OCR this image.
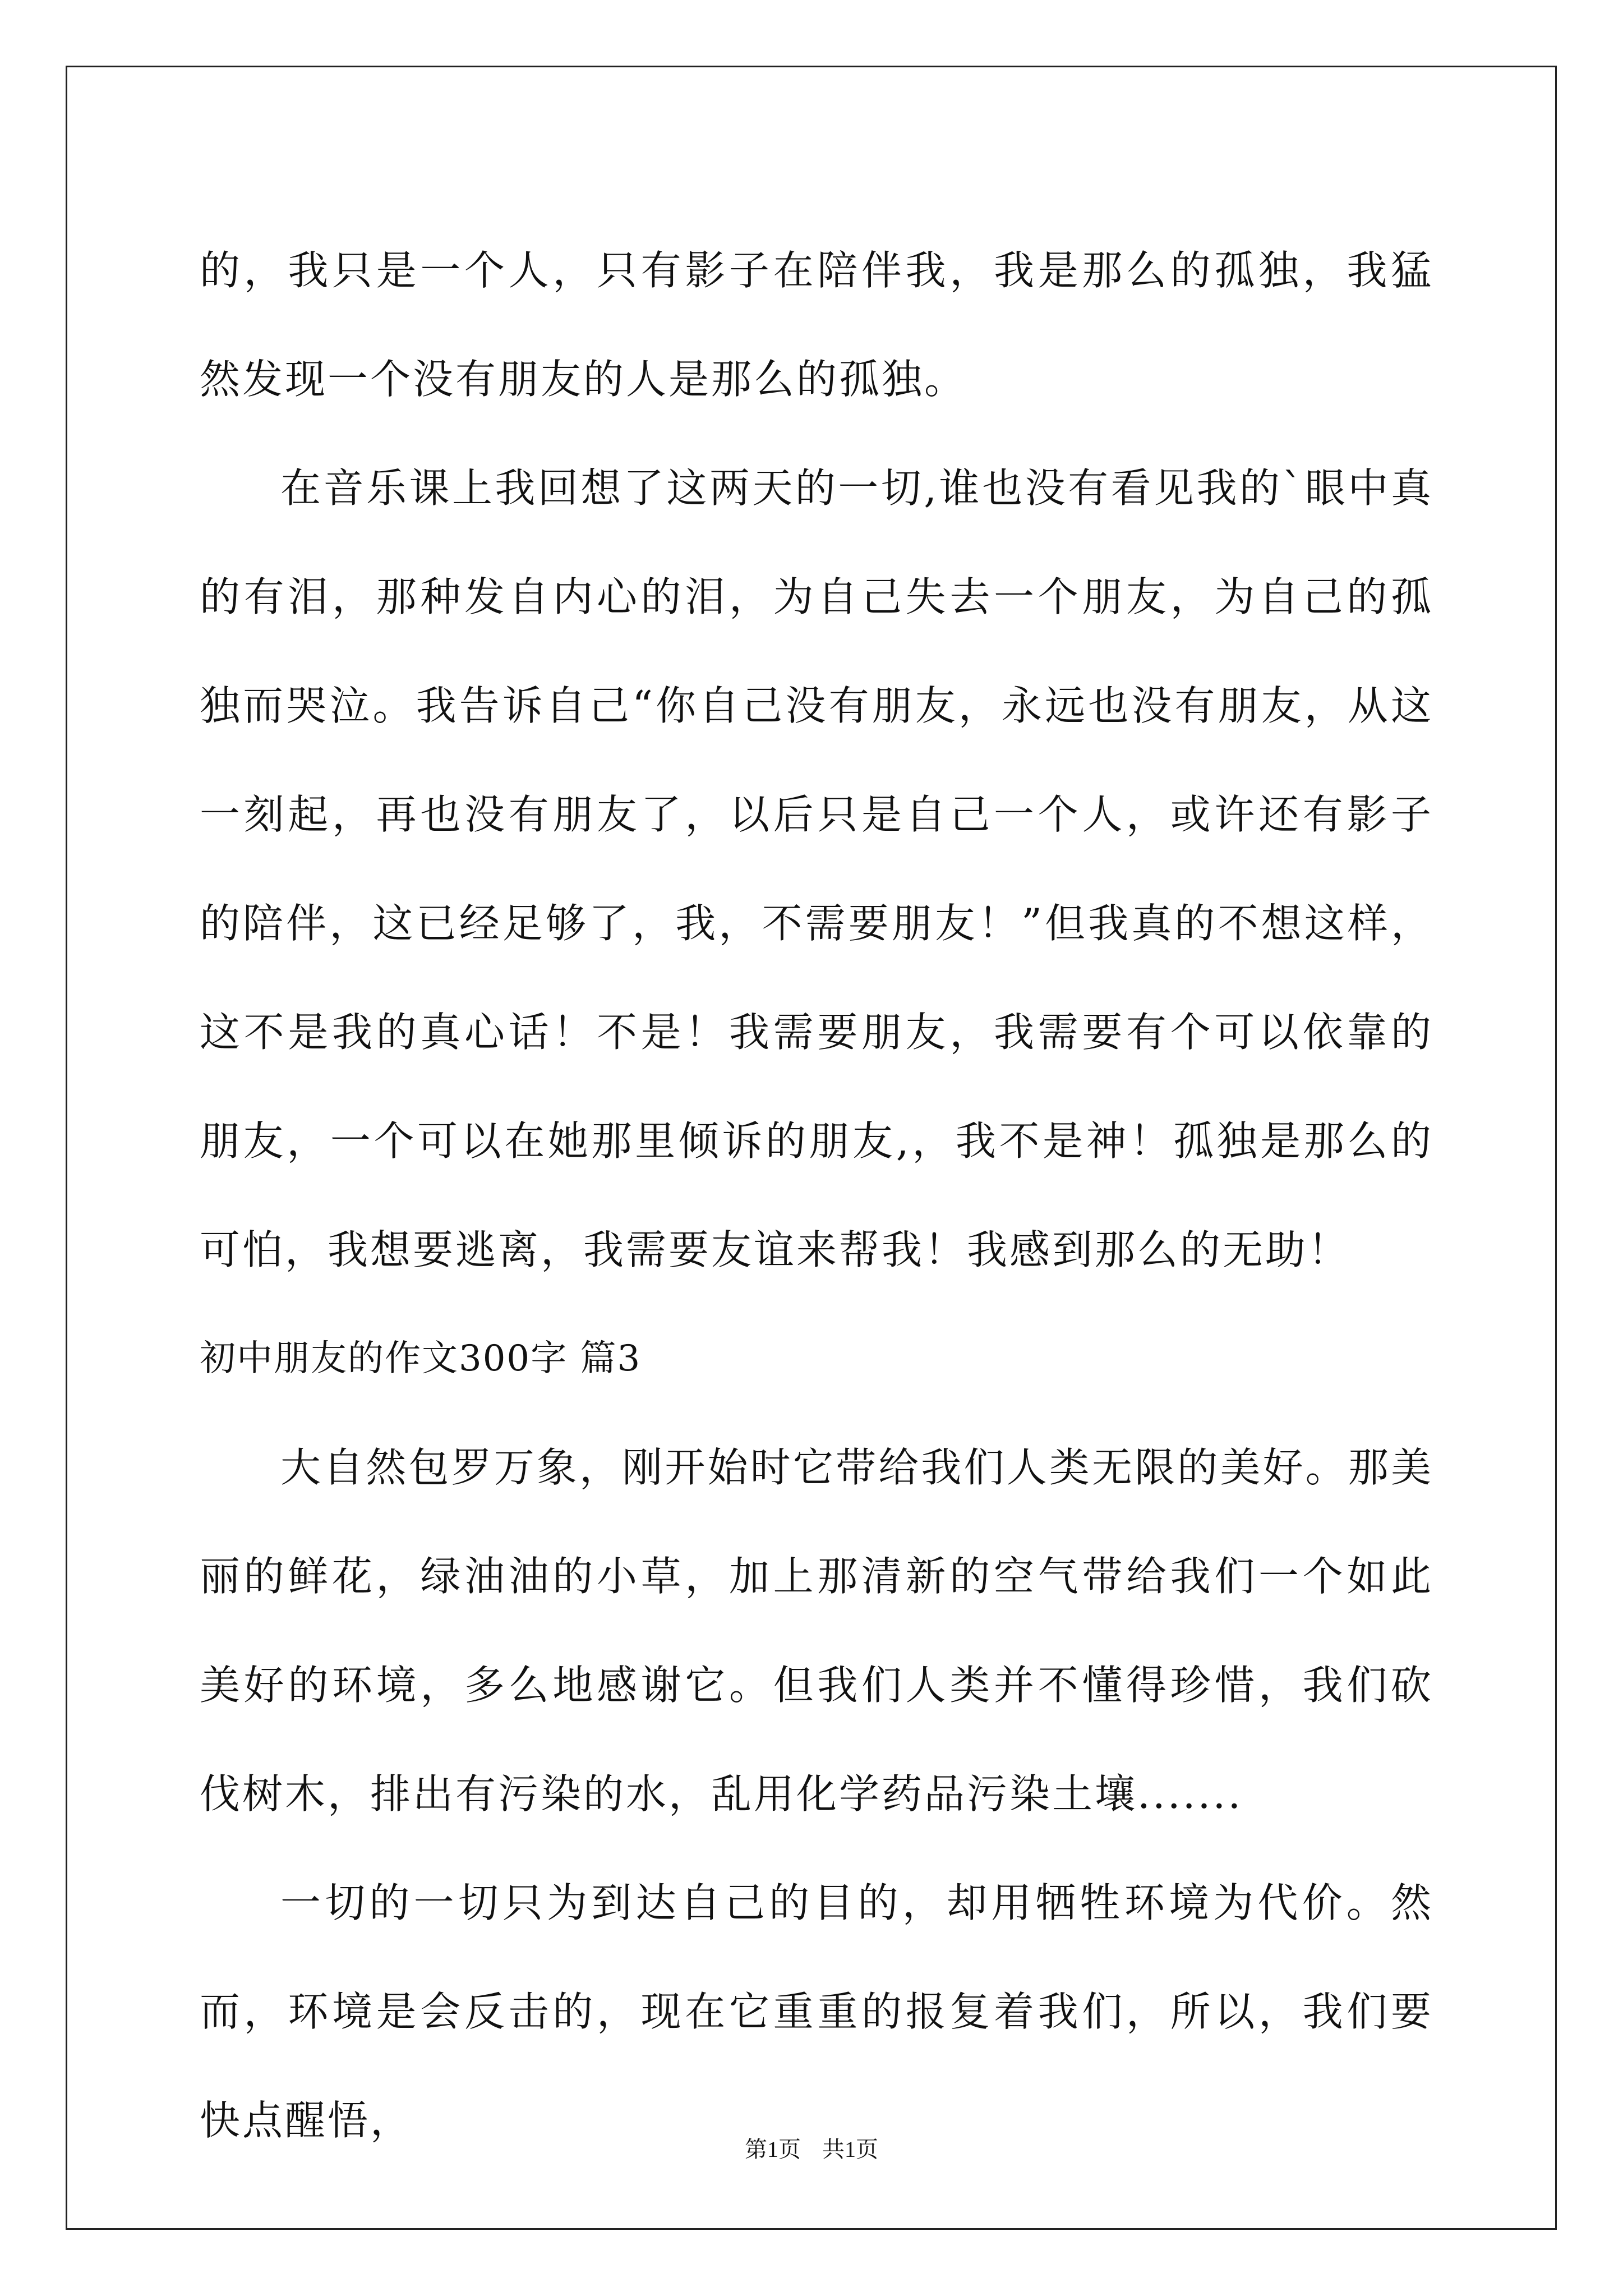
的，我只是一个人，只有影子在陪伴我，我是那么的孤独，我猛然发现一个没有朋友的人是那么的孤独。

在音乐课上我回想了这两天的一切,谁也没有看见我的`眼中真的有泪，那种发自内心的泪，为自己失去一个朋友，为自己的孤独而哭泣。我告诉自己“你自己没有朋友，永远也没有朋友，从这一刻起，再也没有朋友了，以后只是自己一个人，或许还有影子的陪伴，这已经足够了，我，不需要朋友！”但我真的不想这样，这不是我的真心话！不是！我需要朋友，我需要有个可以依靠的朋友，一个可以在她那里倾诉的朋友,，我不是神！孤独是那么的可怕，我想要逃离，我需要友谊来帮我！我感到那么的无助！

初中朋友的作文300字 篇3

大自然包罗万象，刚开始时它带给我们人类无限的美好。那美丽的鲜花，绿油油的小草，加上那清新的空气带给我们一个如此美好的环境，多么地感谢它。但我们人类并不懂得珍惜，我们砍伐树木，排出有污染的水，乱用化学药品污染土壤.......

一切的一切只为到达自己的目的，却用牺牲环境为代价。然而，环境是会反击的，现在它重重的报复着我们，所以，我们要快点醒悟，

第1页 共1页
